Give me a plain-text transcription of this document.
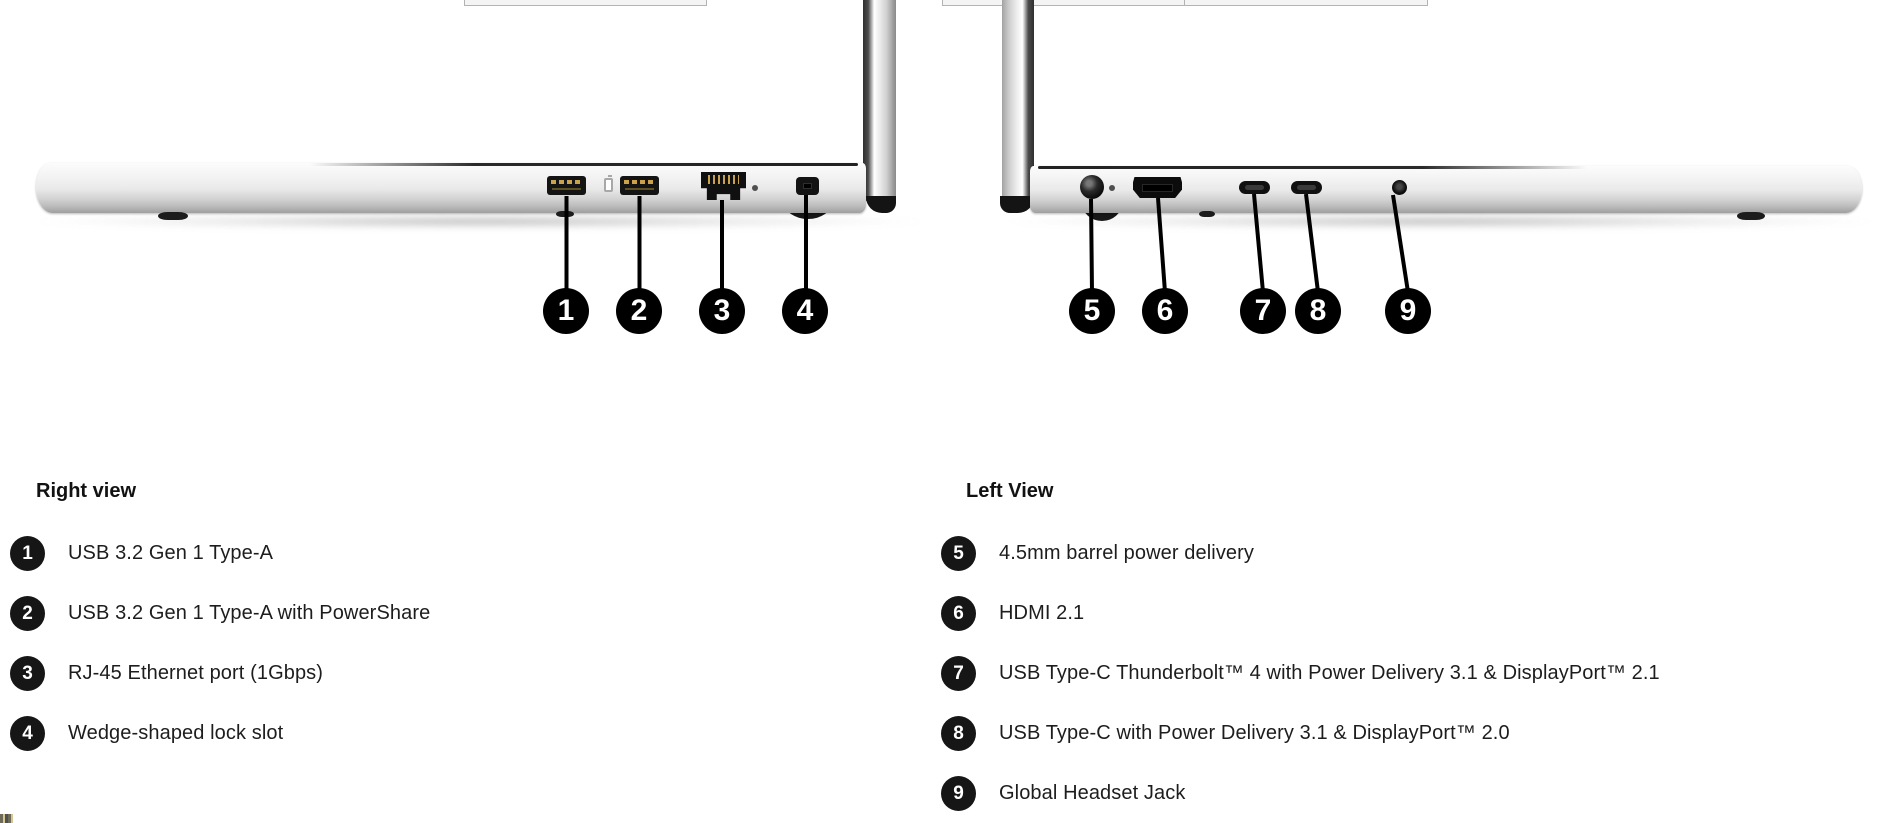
1	2	3	4	5	6	7	8	9
Right view
1	USB 3.2 Gen 1 Type-A
2	USB 3.2 Gen 1 Type-A with PowerShare
3	RJ-45 Ethernet port (1Gbps)
4	Wedge-shaped lock slot
Left View
5	4.5mm barrel power delivery
6	HDMI 2.1
7	USB Type-C Thunderbolt™ 4 with Power Delivery 3.1 & DisplayPort™ 2.1
8	USB Type-C with Power Delivery 3.1 & DisplayPort™ 2.0
9	Global Headset Jack
